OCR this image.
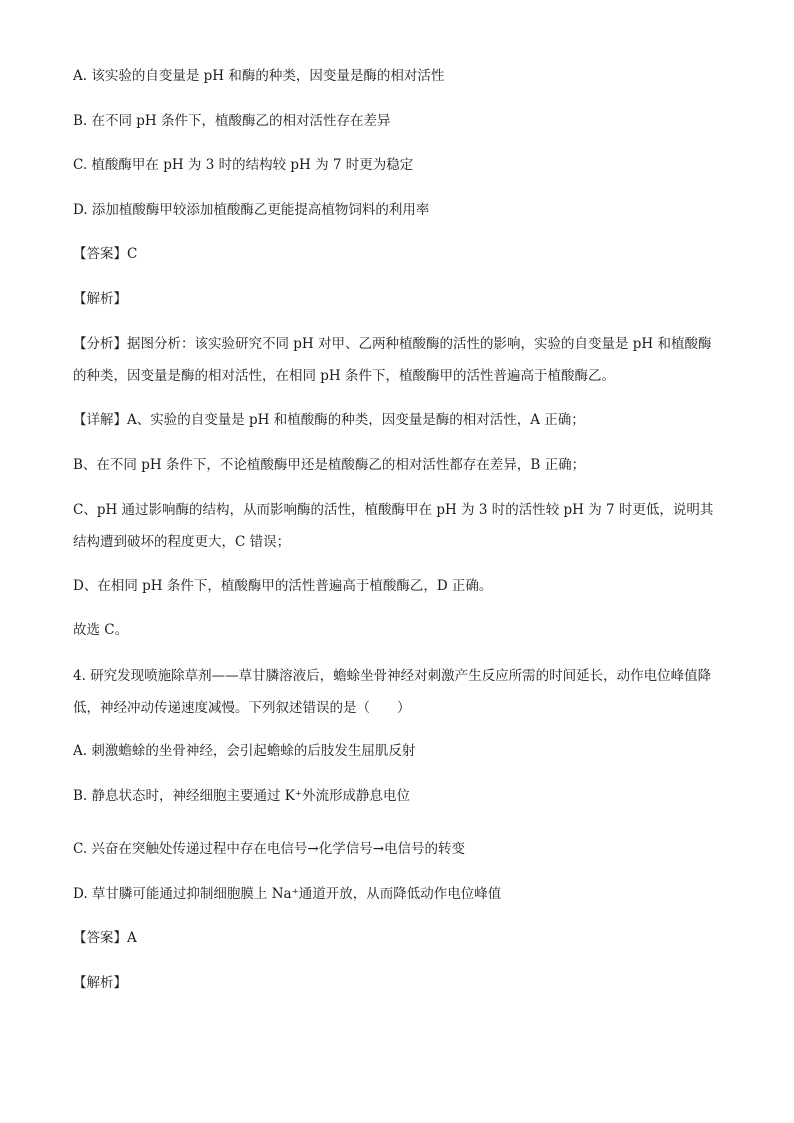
A. 该实验的自变量是 pH 和酶的种类，因变量是酶的相对活性
B. 在不同 pH 条件下，植酸酶乙的相对活性存在差异
C. 植酸酶甲在 pH 为 3 时的结构较 pH 为 7 时更为稳定
D. 添加植酸酶甲较添加植酸酶乙更能提高植物饲料的利用率
【答案】C
【解析】
【分析】据图分析：该实验研究不同 pH 对甲、乙两种植酸酶的活性的影响，实验的自变量是 pH 和植酸酶的种类，因变量是酶的相对活性，在相同 pH 条件下，植酸酶甲的活性普遍高于植酸酶乙。
【详解】A、实验的自变量是 pH 和植酸酶的种类，因变量是酶的相对活性，A 正确；
B、在不同 pH 条件下，不论植酸酶甲还是植酸酶乙的相对活性都存在差异，B 正确；
C、pH 通过影响酶的结构，从而影响酶的活性，植酸酶甲在 pH 为 3 时的活性较 pH 为 7 时更低，说明其结构遭到破坏的程度更大，C 错误；
D、在相同 pH 条件下，植酸酶甲的活性普遍高于植酸酶乙，D 正确。
故选 C。
4. 研究发现喷施除草剂——草甘膦溶液后，蟾蜍坐骨神经对刺激产生反应所需的时间延长，动作电位峰值降低，神经冲动传递速度减慢。下列叙述错误的是（　　）
A. 刺激蟾蜍的坐骨神经，会引起蟾蜍的后肢发生屈肌反射
B. 静息状态时，神经细胞主要通过 K⁺外流形成静息电位
C. 兴奋在突触处传递过程中存在电信号→化学信号→电信号的转变
D. 草甘膦可能通过抑制细胞膜上 Na⁺通道开放，从而降低动作电位峰值
【答案】A
【解析】
